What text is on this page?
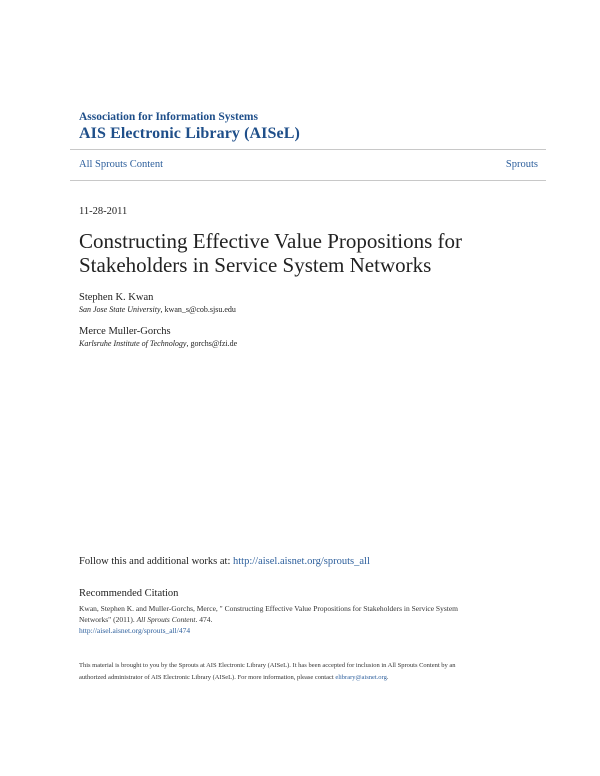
Association for Information Systems
AIS Electronic Library (AISeL)
All Sprouts Content	Sprouts
11-28-2011
Constructing Effective Value Propositions for
Stakeholders in Service System Networks
Stephen K. Kwan
San Jose State University, kwan_s@cob.sjsu.edu
Merce Muller-Gorchs
Karlsruhe Institute of Technology, gorchs@fzi.de
Follow this and additional works at: http://aisel.aisnet.org/sprouts_all
Recommended Citation
Kwan, Stephen K. and Muller-Gorchs, Merce, " Constructing Effective Value Propositions for Stakeholders in Service System
Networks" (2011). All Sprouts Content. 474.
http://aisel.aisnet.org/sprouts_all/474
This material is brought to you by the Sprouts at AIS Electronic Library (AISeL). It has been accepted for inclusion in All Sprouts Content by an
authorized administrator of AIS Electronic Library (AISeL). For more information, please contact elibrary@aisnet.org.
